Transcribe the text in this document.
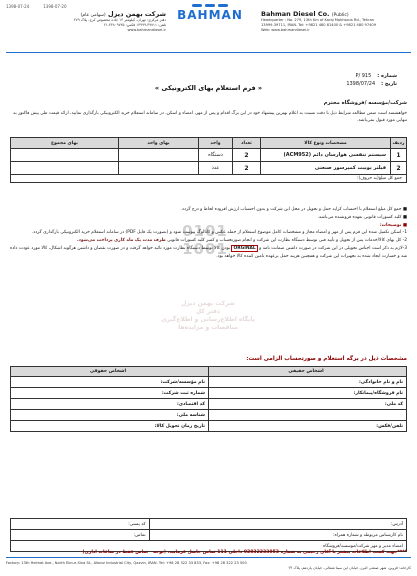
1398-07-24	1398-07-20
شرکت بهمن دیزل (سهامی عام)
دفتر مرکزی: تهران، کیلومتر ۱۳ جاده مخصوص کرج، پلاک ۲۷۹
تلفن: ۳۹۷۱۱-۱۳۹۹۹ فکس: ۴۴۸۰۹۷۲۵-۲۱
www.bahmandiesel.ir
BAHMAN	Bahman Diesel Co. (Public)
Headquarter : No. 279, 13th Km of Karaj Makhsous Rd., Tehran
13999-39711, IRAN. Tel: +9821 480 81400 & +9821 480 97409
Web: www.bahmandiesel.ir
شماره :
P/ 915
تاریخ :
1398/07/24
« فرم استعلام بهای الکترونیکی »
شرکت/مؤسسه /فروشگاه محترم
خواهشمند است ضمن مطالعه شرایط ذیل با دقت نسبت به اعلام بهترین پیشنهاد خود در این برگ اقدام و پس از مهر، امضاء و اسکن، در سامانه استعلام خرید الکترونیکی بارگذاری نمایید، ارائه قیمت طی پیش فاکتور به تنهایی مورد قبول نمی‌باشد.
ردیف	مشخصات ونوع کالا	تعداد	واحد	بهای واحد	بهای مجموع
1	سیستم تنفسی هوارسان دائم (ACM952)	2	دستگاه		
2	فیلتر یونیت کمپرسور صنعتی	2	عدد		
جمع کل مبلغ(به حروف):					
0101 1001

■ جمع کل مبلغ استعلام با احتساب کرایه حمل و تحویل در محل این شرکت و بدون احتساب ارزش افزوده لحاظ و درج گردد.

■ کلیه کسورات قانونی بعهده فروشنده می‌باشد.

■ توضیحات:

1- اسکن تکمیل شده این فرم پس از مهر و امضاء مجاز و مشخصات کامل موضوع استعلام از جمله عکس و کاتالوگ پیوست شود و (بصورت یک فایل PDF) در سامانه استعلام خرید الکترونیکی بارگذاری گردد.

2- کل بهای کالا/خدمات پس از تحویل و تأیید فنی توسط دستگاه نظارت این شرکت و انجام صورتحساب و کسر کلیه کسورات قانونی ظرف مدت یک ماه کاری پرداخت می‌شود.

3-لازم به ذکر است اجناس تحویلی در این شرکت در صورت داشتن ضمانت نامه و ORGINAL بودن کالا توسط دستگاه نظارت مورد تائید خواهد گرفت و در صورت نقصان و داشتن هرگونه اشکال، کالا مورد عودت داده شد و خسارت ایجاد شده به تجهیزات این شرکت و همچنین هزینه حمل برعهده تامین کننده کالا خواهد بود.

شرکت بهمن دیزل
دفتر کل
پایگاه اطلاع‌رسانی و اطلاع‌گیری
مناقصات و مزایده‌ها
مشخصات ذیل در برگه استعلام و صورتحساب الزامی است:
اشخاص حقیقی	اشخاص حقوقی
نام و نام خانوادگی:	نام مؤسسه/شرکت:
نام فروشگاه/پیمانکار:	شماره ثبت شرکت:
کد ملی:	کد اقتصادی:
	شناسه ملی:
تلفن/فکس:	تاریخ زمان تحویل کالا:
آدرس:	کد پستی:
نام کارشناس مربوطه و شماره همراه:	تماس:
امضاء مدیر و مهر شرکت/موسسه/فروشگاه	
****جهت کسب اطلاعات بیشتر با آقای رحیمی به شماره 02832233853 داخلی 111 تماس حاصل فرمایید. (توجه - تماس فقط در ساعات اداری)
Factory: 13th Helmat Ave., North Ebn-e-Sina St., Alborz Industrial City, Qazvin, IRAN. Tel: +98 28 322 33 853, Fax: +98 28 322 23 500
کارخانه: قزوین، شهر صنعتی البرز، خیابان ابن سینا شمالی، خیابان یازدهم، پلاک ۲۴
